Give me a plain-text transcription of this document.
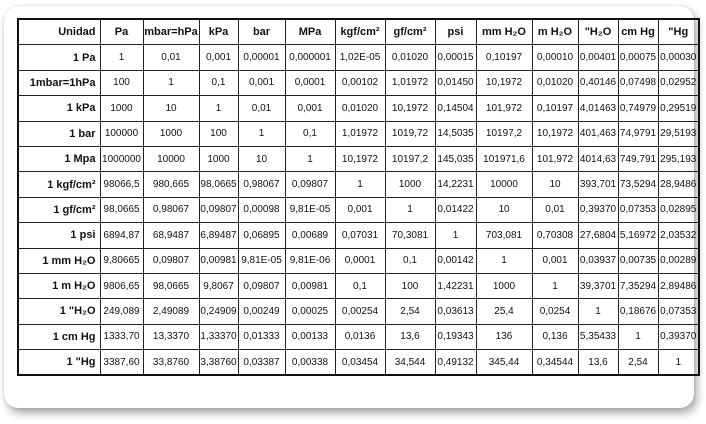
Unidad	Pa	mbar=hPa	kPa	bar	MPa	kgf/cm²	gf/cm²	psi	mm H₂O	m H₂O	"H₂O	cm Hg	"Hg
1 Pa	1	0,01	0,001	0,00001	0,000001	1,02E-05	0,01020	0,00015	0,10197	0,00010	0,00401	0,00075	0,00030
1mbar=1hPa	100	1	0,1	0,001	0,0001	0,00102	1,01972	0,01450	10,1972	0,01020	0,40146	0,07498	0,02952
1 kPa	1000	10	1	0,01	0,001	0,01020	10,1972	0,14504	101,972	0,10197	4,01463	0,74979	0,29519
1 bar	100000	1000	100	1	0,1	1,01972	1019,72	14,5035	10197,2	10,1972	401,463	74,9791	29,5193
1 Mpa	1000000	10000	1000	10	1	10,1972	10197,2	145,035	101971,6	101,972	4014,63	749,791	295,193
1 kgf/cm²	98066,5	980,665	98,0665	0,98067	0,09807	1	1000	14,2231	10000	10	393,701	73,5294	28,9486
1 gf/cm²	98,0665	0,98067	0,09807	0,00098	9,81E-05	0,001	1	0,01422	10	0,01	0,39370	0,07353	0,02895
1 psi	6894,87	68,9487	6,89487	0,06895	0,00689	0,07031	70,3081	1	703,081	0,70308	27,6804	5,16972	2,03532
1 mm H₂O	9,80665	0,09807	0,00981	9,81E-05	9,81E-06	0,0001	0,1	0,00142	1	0,001	0,03937	0,00735	0,00289
1 m H₂O	9806,65	98,0665	9,8067	0,09807	0,00981	0,1	100	1,42231	1000	1	39,3701	7,35294	2,89486
1 "H₂O	249,089	2,49089	0,24909	0,00249	0,00025	0,00254	2,54	0,03613	25,4	0,0254	1	0,18676	0,07353
1 cm Hg	1333,70	13,3370	1,33370	0,01333	0,00133	0,0136	13,6	0,19343	136	0,136	5,35433	1	0,39370
1 "Hg	3387,60	33,8760	3,38760	0,03387	0,00338	0,03454	34,544	0,49132	345,44	0,34544	13,6	2,54	1
